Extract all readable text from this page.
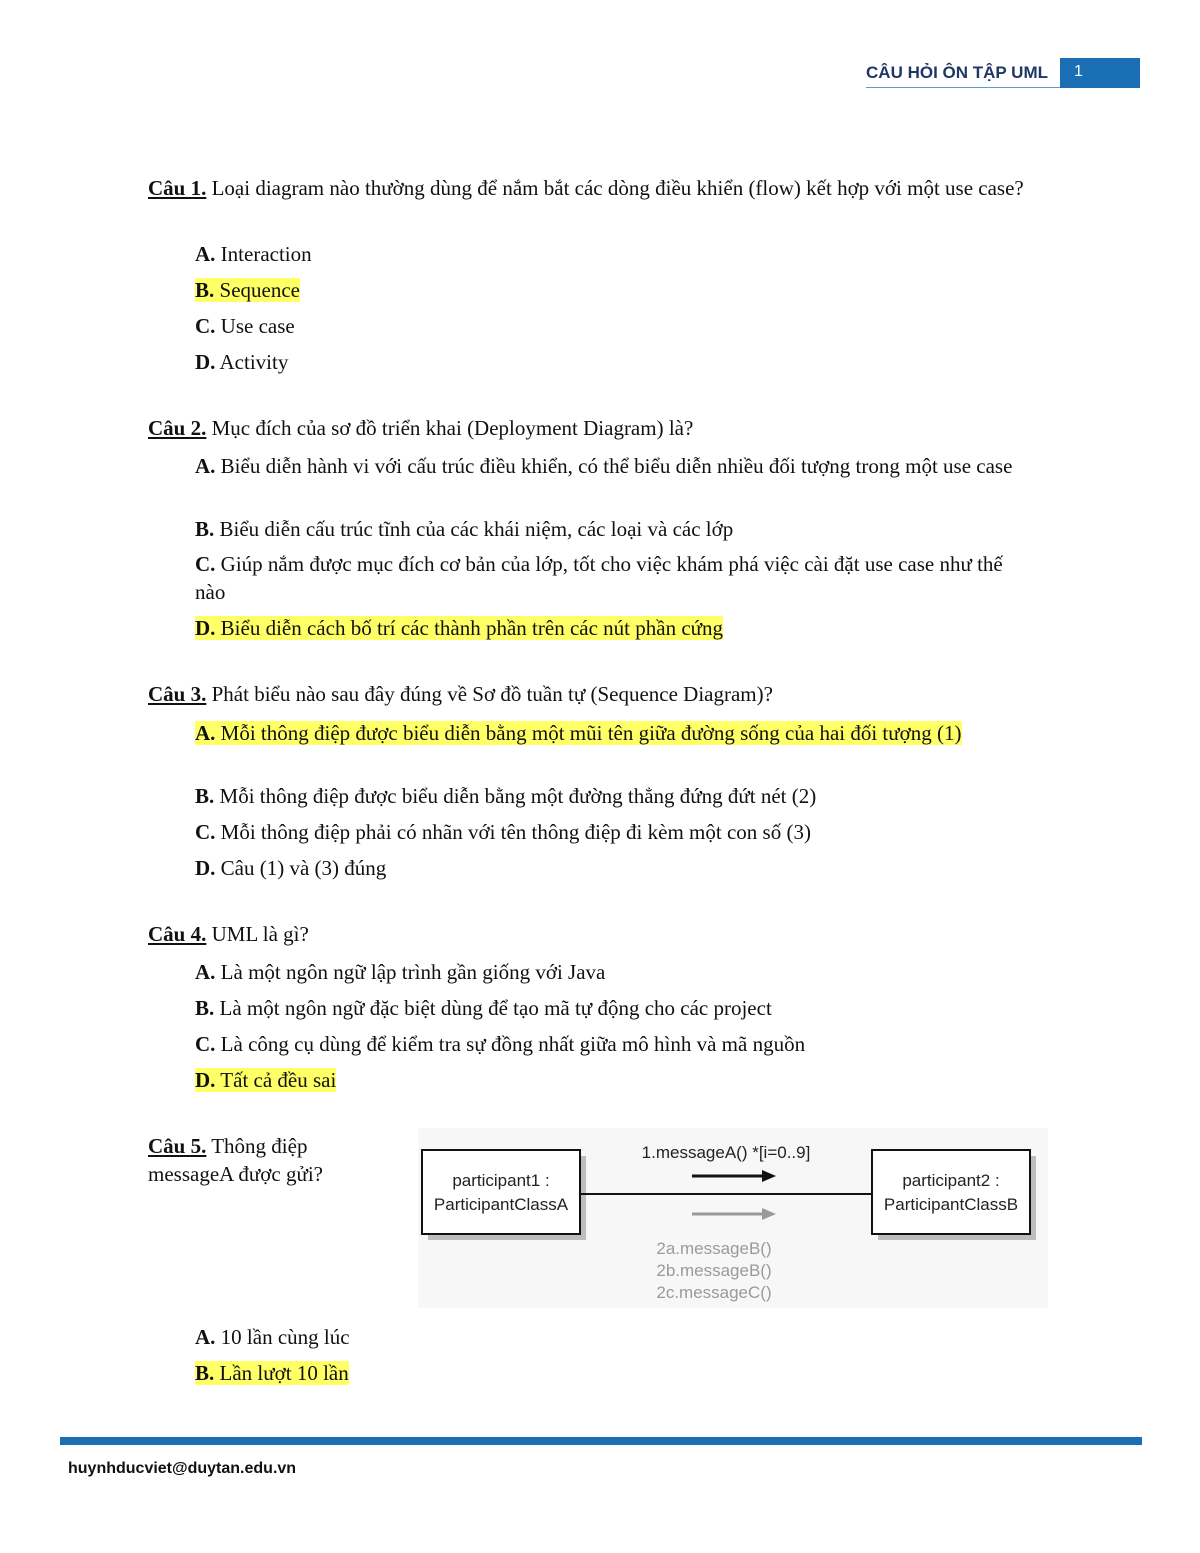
CÂU HỎI ÔN TẬP UML	1
Câu 1. Loại diagram nào thường dùng để nắm bắt các dòng điều khiển (flow) kết hợp với một use case?
A. Interaction
B. Sequence
C. Use case
D. Activity
Câu 2. Mục đích của sơ đồ triển khai (Deployment Diagram) là?
A. Biểu diễn hành vi với cấu trúc điều khiển, có thể biểu diễn nhiều đối tượng trong một use case
B. Biểu diễn cấu trúc tĩnh của các khái niệm, các loại và các lớp
C. Giúp nắm được mục đích cơ bản của lớp, tốt cho việc khám phá việc cài đặt use case như thế nào
D. Biểu diễn cách bố trí các thành phần trên các nút phần cứng
Câu 3. Phát biểu nào sau đây đúng về Sơ đồ tuần tự (Sequence Diagram)?
A. Mỗi thông điệp được biểu diễn bằng một mũi tên giữa đường sống của hai đối tượng (1)
B. Mỗi thông điệp được biểu diễn bằng một đường thẳng đứng đứt nét (2)
C. Mỗi thông điệp phải có nhãn với tên thông điệp đi kèm một con số (3)
D. Câu (1) và (3) đúng
Câu 4. UML là gì?
A. Là một ngôn ngữ lập trình gần giống với Java
B. Là một ngôn ngữ đặc biệt dùng để tạo mã tự động cho các project
C. Là công cụ dùng để kiểm tra sự đồng nhất giữa mô hình và mã nguồn
D. Tất cả đều sai
Câu 5. Thông điệp messageA được gửi?	participant1 :
ParticipantClassA
participant2 :
ParticipantClassB
1.messageA() *[i=0..9]
2a.messageB()
2b.messageB()
2c.messageC()
A. 10 lần cùng lúc
B. Lần lượt 10 lần
huynhducviet@duytan.edu.vn
